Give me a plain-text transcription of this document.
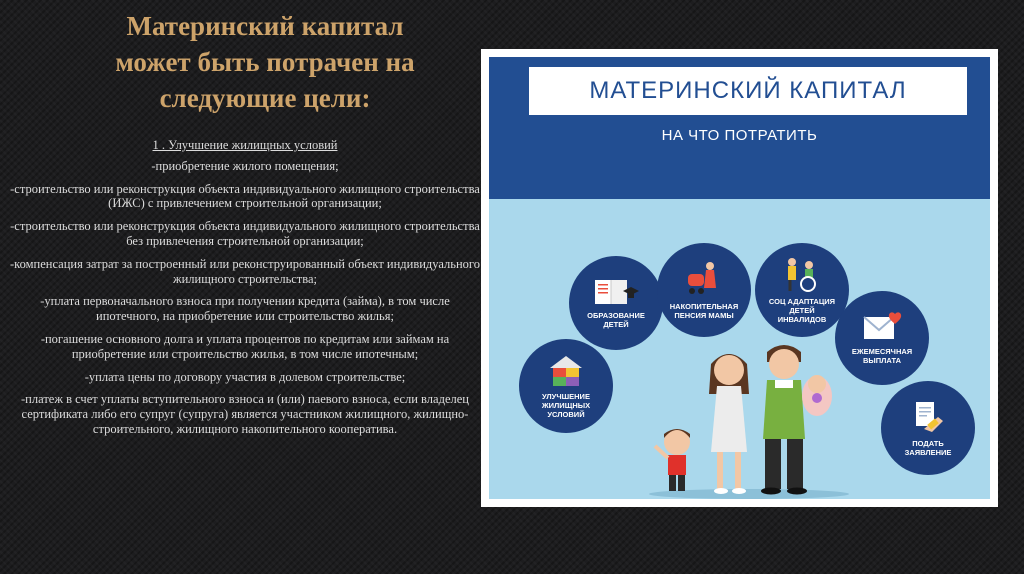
Материнский капитал
может быть потрачен на
следующие цели:

1 . Улучшение жилищных условий

-приобретение жилого помещения;

-строительство или реконструкция объекта индивидуального жилищного строительства (ИЖС) с привлечением строительной организации;

-строительство или реконструкция объекта индивидуального жилищного строительства без привлечения строительной организации;

-компенсация затрат за построенный или реконструированный объект индивидуального жилищного строительства;

-уплата первоначального взноса при получении кредита (займа), в том числе ипотечного, на приобретение или строительство жилья;

-погашение основного долга и уплата процентов по кредитам или займам на приобретение или строительство жилья, в том числе ипотечным;

-уплата цены по договору участия в долевом строительстве;

-платеж в счет уплаты вступительного взноса и (или) паевого взноса, если владелец сертификата либо его супруг (супруга) является участником жилищного, жилищно-строительного, жилищного накопительного кооператива.

МАТЕРИНСКИЙ КАПИТАЛ
НА ЧТО ПОТРАТИТЬ
УЛУЧШЕНИЕ
ЖИЛИЩНЫХ
УСЛОВИЙ
ОБРАЗОВАНИЕ
ДЕТЕЙ
НАКОПИТЕЛЬНАЯ
ПЕНСИЯ МАМЫ
СОЦ АДАПТАЦИЯ
ДЕТЕЙ
ИНВАЛИДОВ
ЕЖЕМЕСЯЧНАЯ
ВЫПЛАТА
ПОДАТЬ
ЗАЯВЛЕНИЕ
